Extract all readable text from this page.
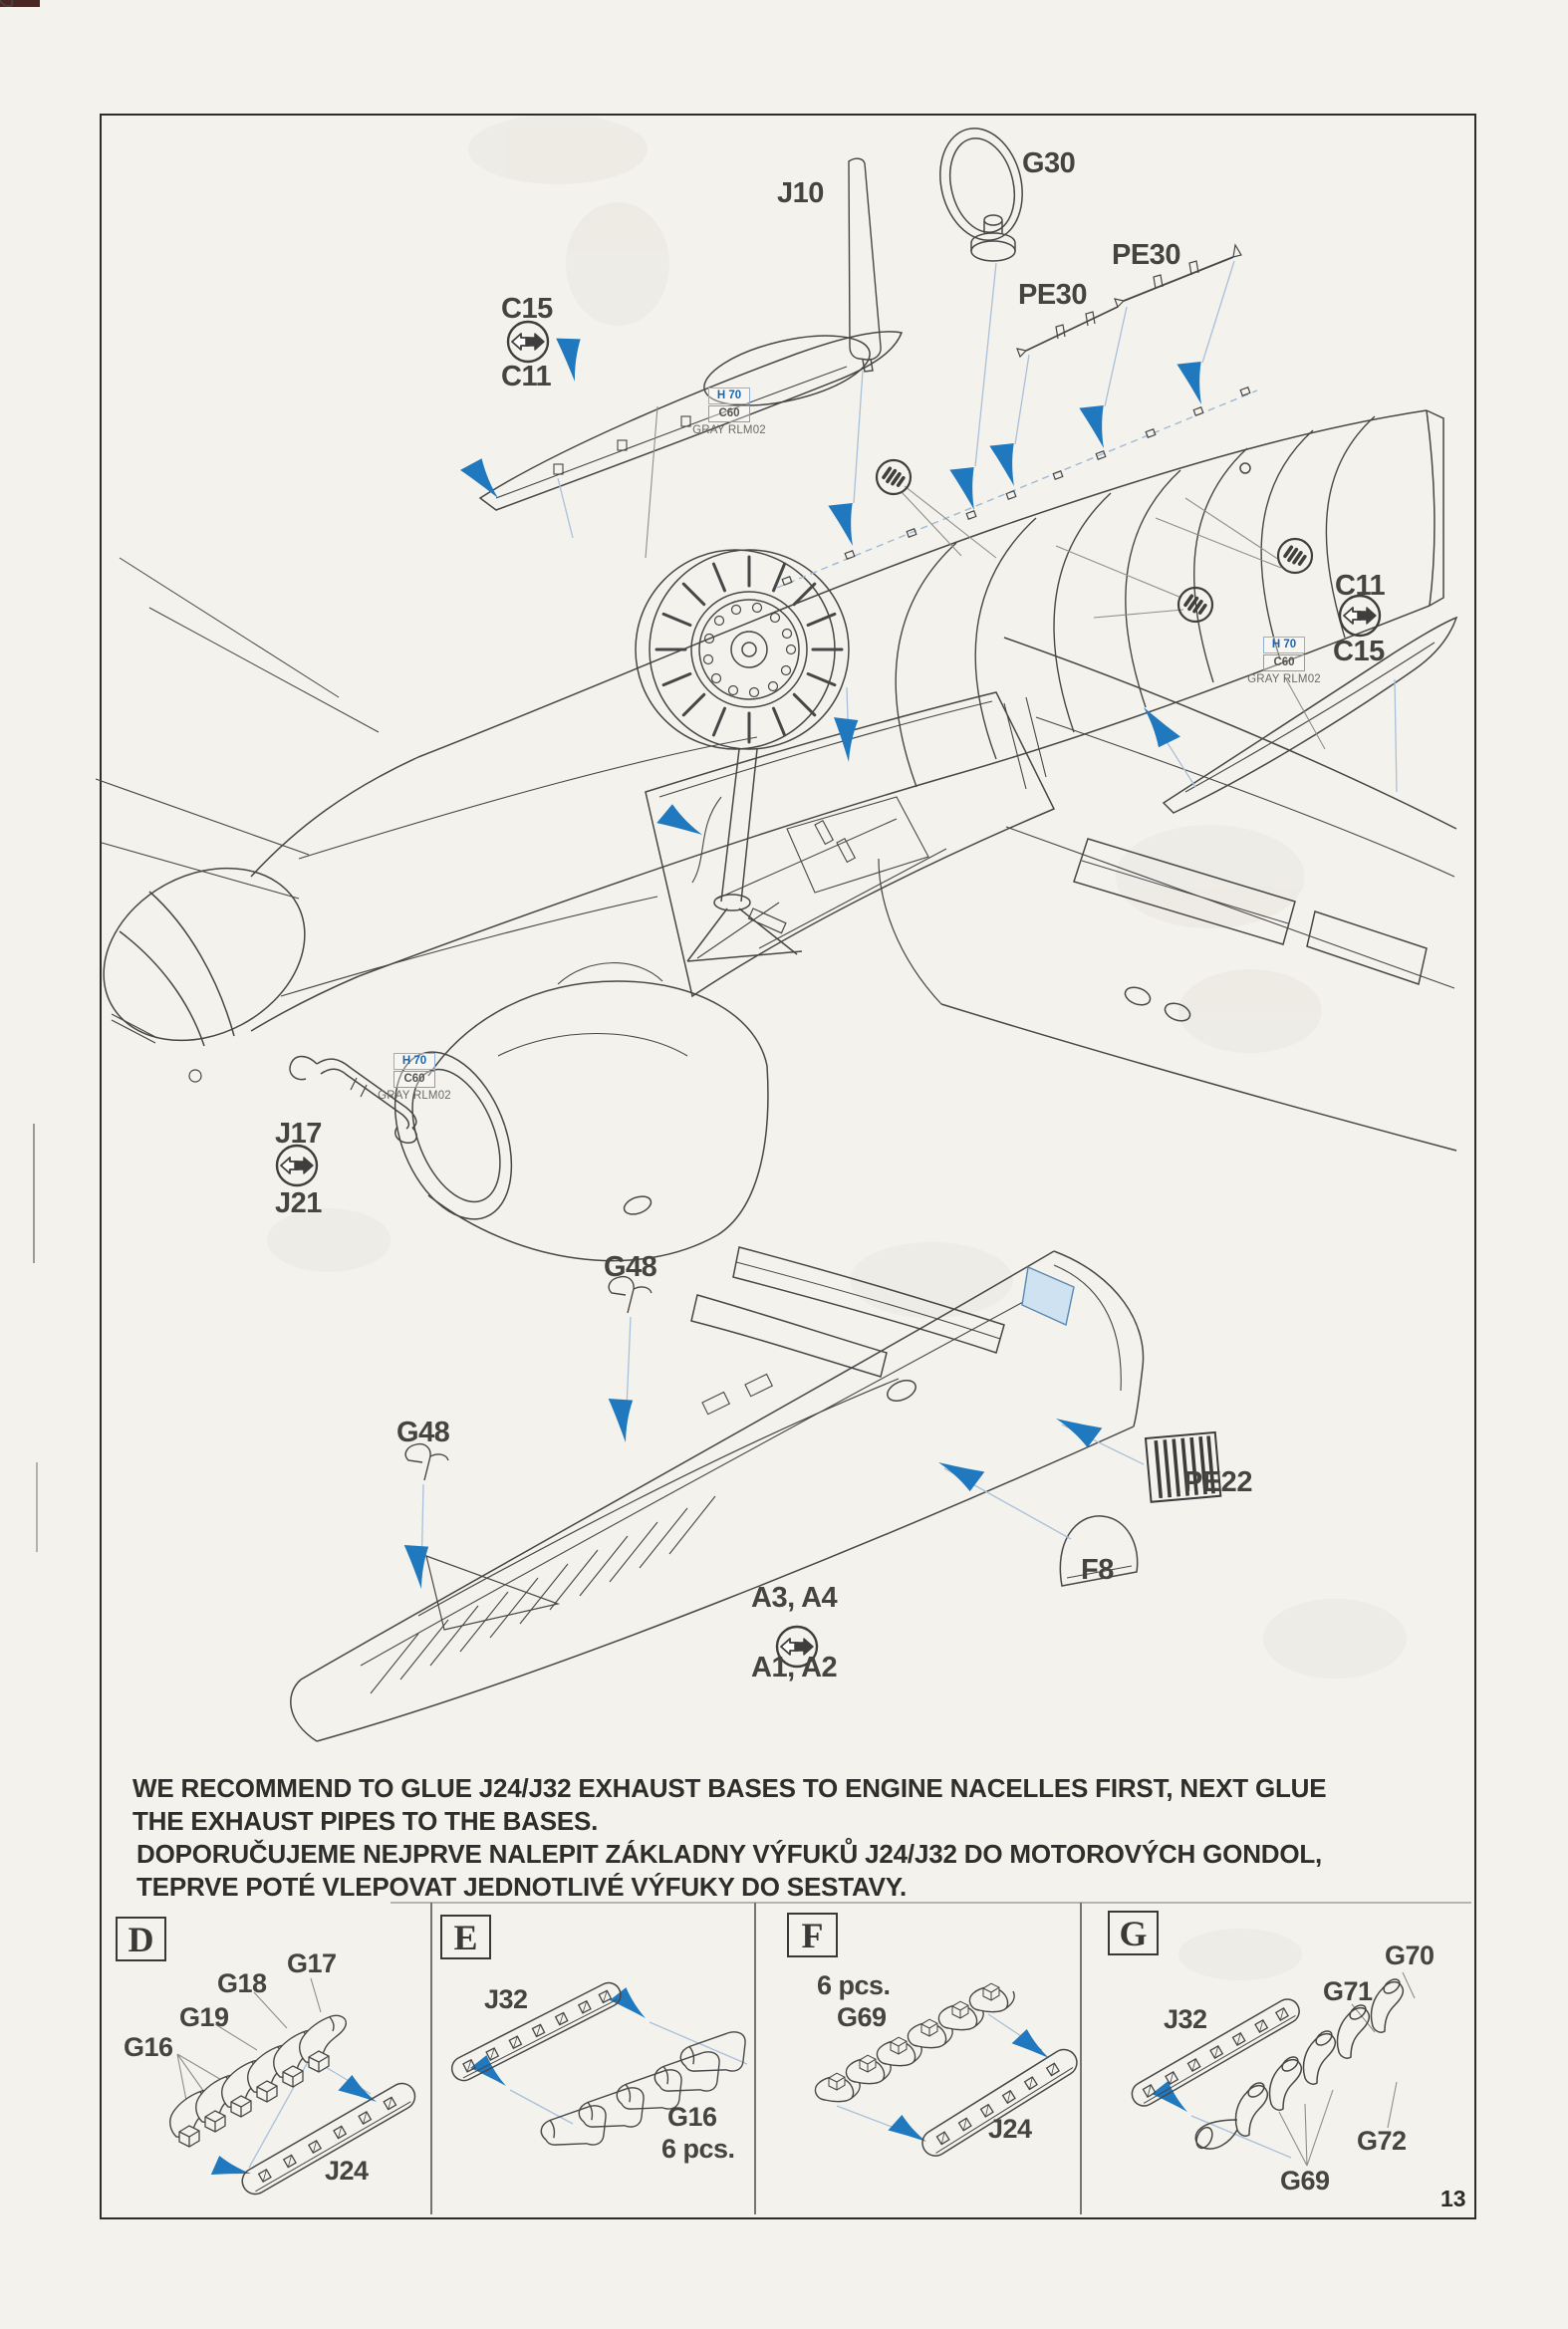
J10
G30
PE30
PE30
C15
C11
C11
C15
J17
J21
G48
G48
PE22
F8
A3, A4
A1, A2
H 70
C60
GRAY RLM02
H 70
C60
GRAY RLM02
H 70
C60
GRAY RLM02
WE RECOMMEND TO GLUE J24/J32 EXHAUST BASES TO ENGINE NACELLES FIRST, NEXT GLUE
THE EXHAUST PIPES TO THE BASES.
DOPORUČUJEME NEJPRVE NALEPIT ZÁKLADNY VÝFUKŮ J24/J32 DO MOTOROVÝCH GONDOL,
TEPRVE POTÉ VLEPOVAT JEDNOTLIVÉ VÝFUKY DO SESTAVY.
D	E	F	G
G17
G18
G19
G16
J24
J32
G16
6 pcs.
6 pcs.
G69
J24
J32
G70
G71
G72
G69
13
